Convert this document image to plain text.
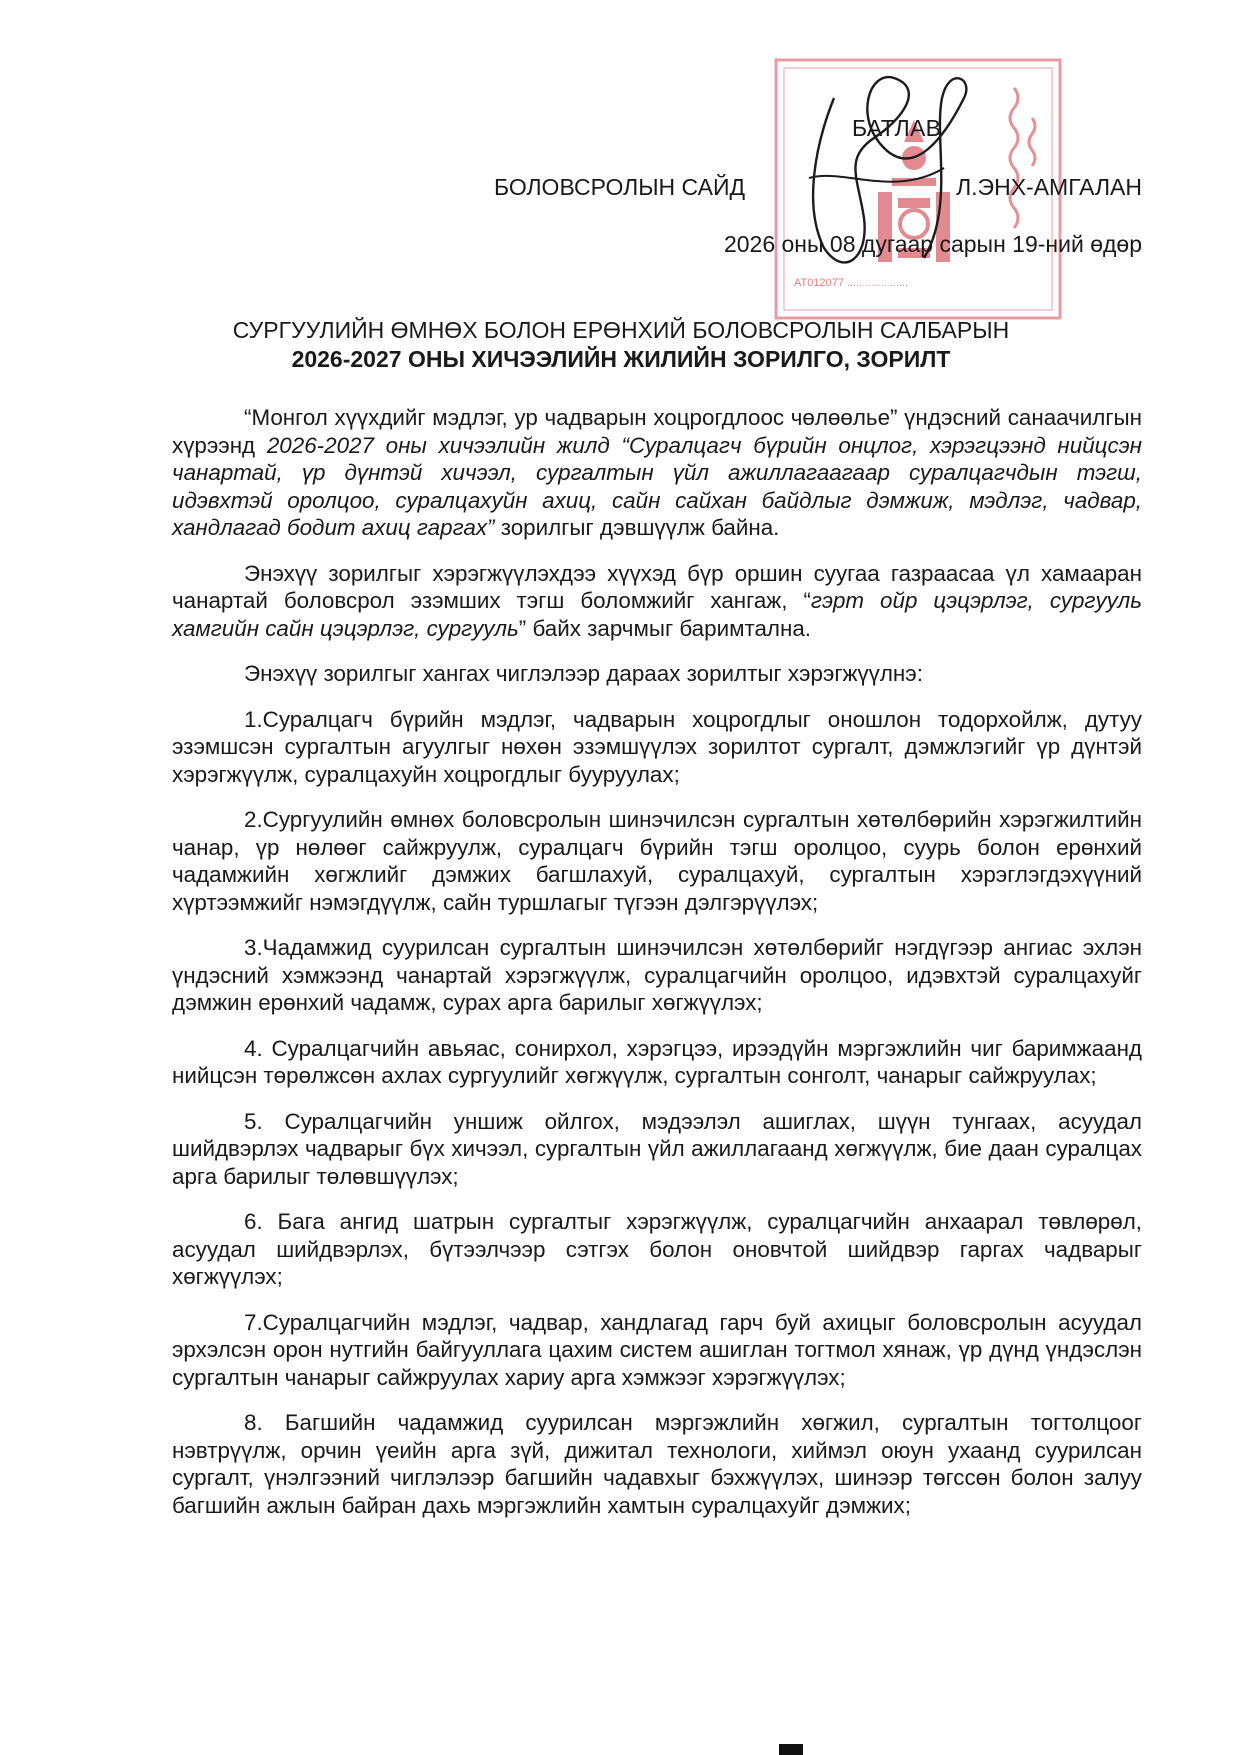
АТ012077 ..... ....... ......
БАТЛАВ
БОЛОВСРОЛЫН САЙД	Л.ЭНХ-АМГАЛАН
2026 оны 08 дугаар сарын 19-ний өдөр
СУРГУУЛИЙН ӨМНӨХ БОЛОН ЕРӨНХИЙ БОЛОВСРОЛЫН САЛБАРЫН
2026-2027 ОНЫ ХИЧЭЭЛИЙН ЖИЛИЙН ЗОРИЛГО, ЗОРИЛТ

“Монгол хүүхдийг мэдлэг, ур чадварын хоцрогдлоос чөлөөлье” үндэсний санаачилгын хүрээнд 2026-2027 оны хичээлийн жилд “Суралцагч бүрийн онцлог, хэрэгцээнд нийцсэн чанартай, үр дүнтэй хичээл, сургалтын үйл ажиллагаагаар суралцагчдын тэгш, идэвхтэй оролцоо, суралцахуйн ахиц, сайн сайхан байдлыг дэмжиж, мэдлэг, чадвар, хандлагад бодит ахиц гаргах” зорилгыг дэвшүүлж байна.

Энэхүү зорилгыг хэрэгжүүлэхдээ хүүхэд бүр оршин суугаа газраасаа үл хамааран чанартай боловсрол эзэмших тэгш боломжийг хангаж, “гэрт ойр цэцэрлэг, сургууль хамгийн сайн цэцэрлэг, сургууль” байх зарчмыг баримтална.

Энэхүү зорилгыг хангах чиглэлээр дараах зорилтыг хэрэгжүүлнэ:

1.Суралцагч бүрийн мэдлэг, чадварын хоцрогдлыг оношлон тодорхойлж, дутуу эзэмшсэн сургалтын агуулгыг нөхөн эзэмшүүлэх зорилтот сургалт, дэмжлэгийг үр дүнтэй хэрэгжүүлж, суралцахуйн хоцрогдлыг бууруулах;

2.Сургуулийн өмнөх боловсролын шинэчилсэн сургалтын хөтөлбөрийн хэрэгжилтийн чанар, үр нөлөөг сайжруулж, суралцагч бүрийн тэгш оролцоо, суурь болон ерөнхий чадамжийн хөгжлийг дэмжих багшлахуй, суралцахуй, сургалтын хэрэглэгдэхүүний хүртээмжийг нэмэгдүүлж, сайн туршлагыг түгээн дэлгэрүүлэх;

3.Чадамжид суурилсан сургалтын шинэчилсэн хөтөлбөрийг нэгдүгээр ангиас эхлэн үндэсний хэмжээнд чанартай хэрэгжүүлж, суралцагчийн оролцоо, идэвхтэй суралцахуйг дэмжин ерөнхий чадамж, сурах арга барилыг хөгжүүлэх;

4. Суралцагчийн авьяас, сонирхол, хэрэгцээ, ирээдүйн мэргэжлийн чиг баримжаанд нийцсэн төрөлжсөн ахлах сургуулийг хөгжүүлж, сургалтын сонголт, чанарыг сайжруулах;

5. Суралцагчийн уншиж ойлгох, мэдээлэл ашиглах, шүүн тунгаах, асуудал шийдвэрлэх чадварыг бүх хичээл, сургалтын үйл ажиллагаанд хөгжүүлж, бие даан суралцах арга барилыг төлөвшүүлэх;

6. Бага ангид шатрын сургалтыг хэрэгжүүлж, суралцагчийн анхаарал төвлөрөл, асуудал шийдвэрлэх, бүтээлчээр сэтгэх болон оновчтой шийдвэр гаргах чадварыг хөгжүүлэх;

7.Суралцагчийн мэдлэг, чадвар, хандлагад гарч буй ахицыг боловсролын асуудал эрхэлсэн орон нутгийн байгууллага цахим систем ашиглан тогтмол хянаж, үр дүнд үндэслэн сургалтын чанарыг сайжруулах хариу арга хэмжээг хэрэгжүүлэх;

8. Багшийн чадамжид суурилсан мэргэжлийн хөгжил, сургалтын тогтолцоог нэвтрүүлж, орчин үеийн арга зүй, дижитал технологи, хиймэл оюун ухаанд суурилсан сургалт, үнэлгээний чиглэлээр багшийн чадавхыг бэхжүүлэх, шинээр төгссөн болон залуу багшийн ажлын байран дахь мэргэжлийн хамтын суралцахуйг дэмжих;
